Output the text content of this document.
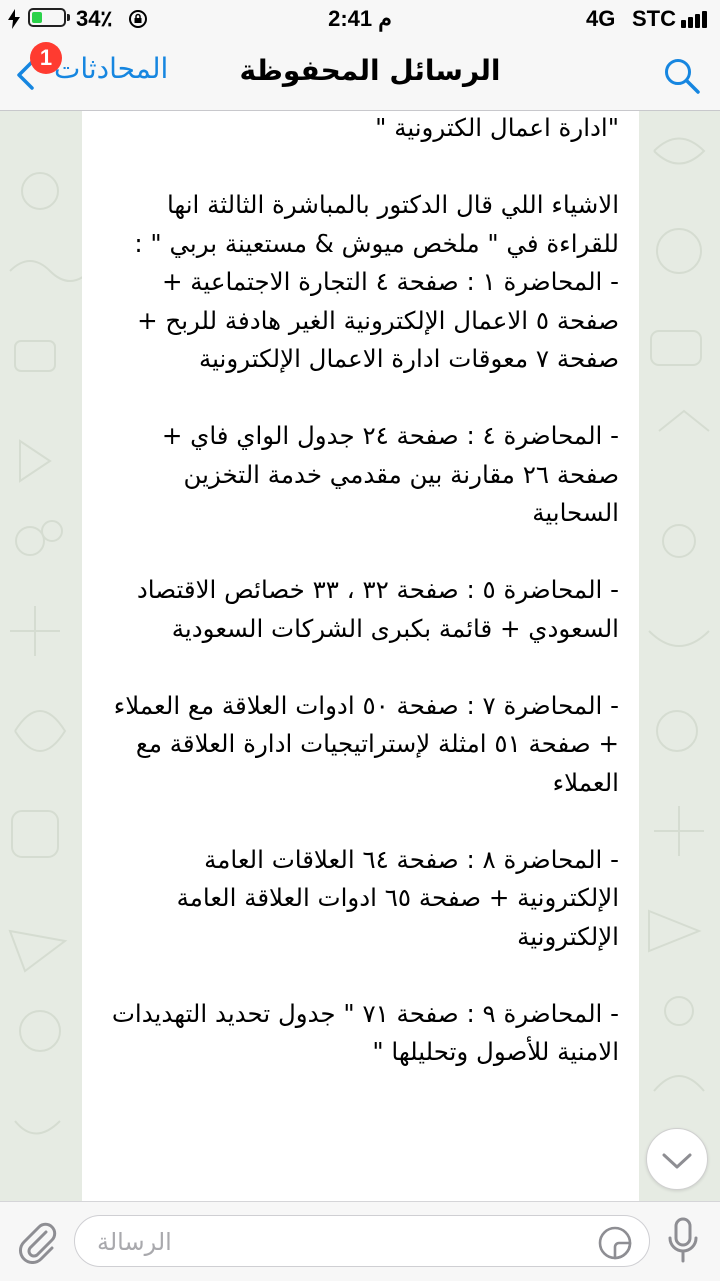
34٪	2:41 م	4G STC
1 المحادثات	الرسائل المحفوظة
"ادارة اعمال الكترونية "

الاشياء اللي قال الدكتور بالمباشرة الثالثة انها للقراءة في " ملخص ميوش & مستعينة بربي " :
- المحاضرة ١ : صفحة ٤ التجارة الاجتماعية + صفحة ٥ الاعمال الإلكترونية الغير هادفة للربح + صفحة ٧ معوقات ادارة الاعمال الإلكترونية

- المحاضرة ٤ : صفحة ٢٤ جدول الواي فاي + صفحة ٢٦ مقارنة بين مقدمي خدمة التخزين السحابية

- المحاضرة ٥ : صفحة ٣٢ ، ٣٣ خصائص الاقتصاد السعودي + قائمة بكبرى الشركات السعودية

- المحاضرة ٧ : صفحة ٥٠ ادوات العلاقة مع العملاء + صفحة ٥١ امثلة لإستراتيجيات ادارة العلاقة مع العملاء

- المحاضرة ٨ : صفحة ٦٤ العلاقات العامة الإلكترونية + صفحة ٦٥ ادوات العلاقة العامة الإلكترونية

- المحاضرة ٩ : صفحة ٧١ " جدول تحديد التهديدات الامنية للأصول وتحليلها "
الرسالة
